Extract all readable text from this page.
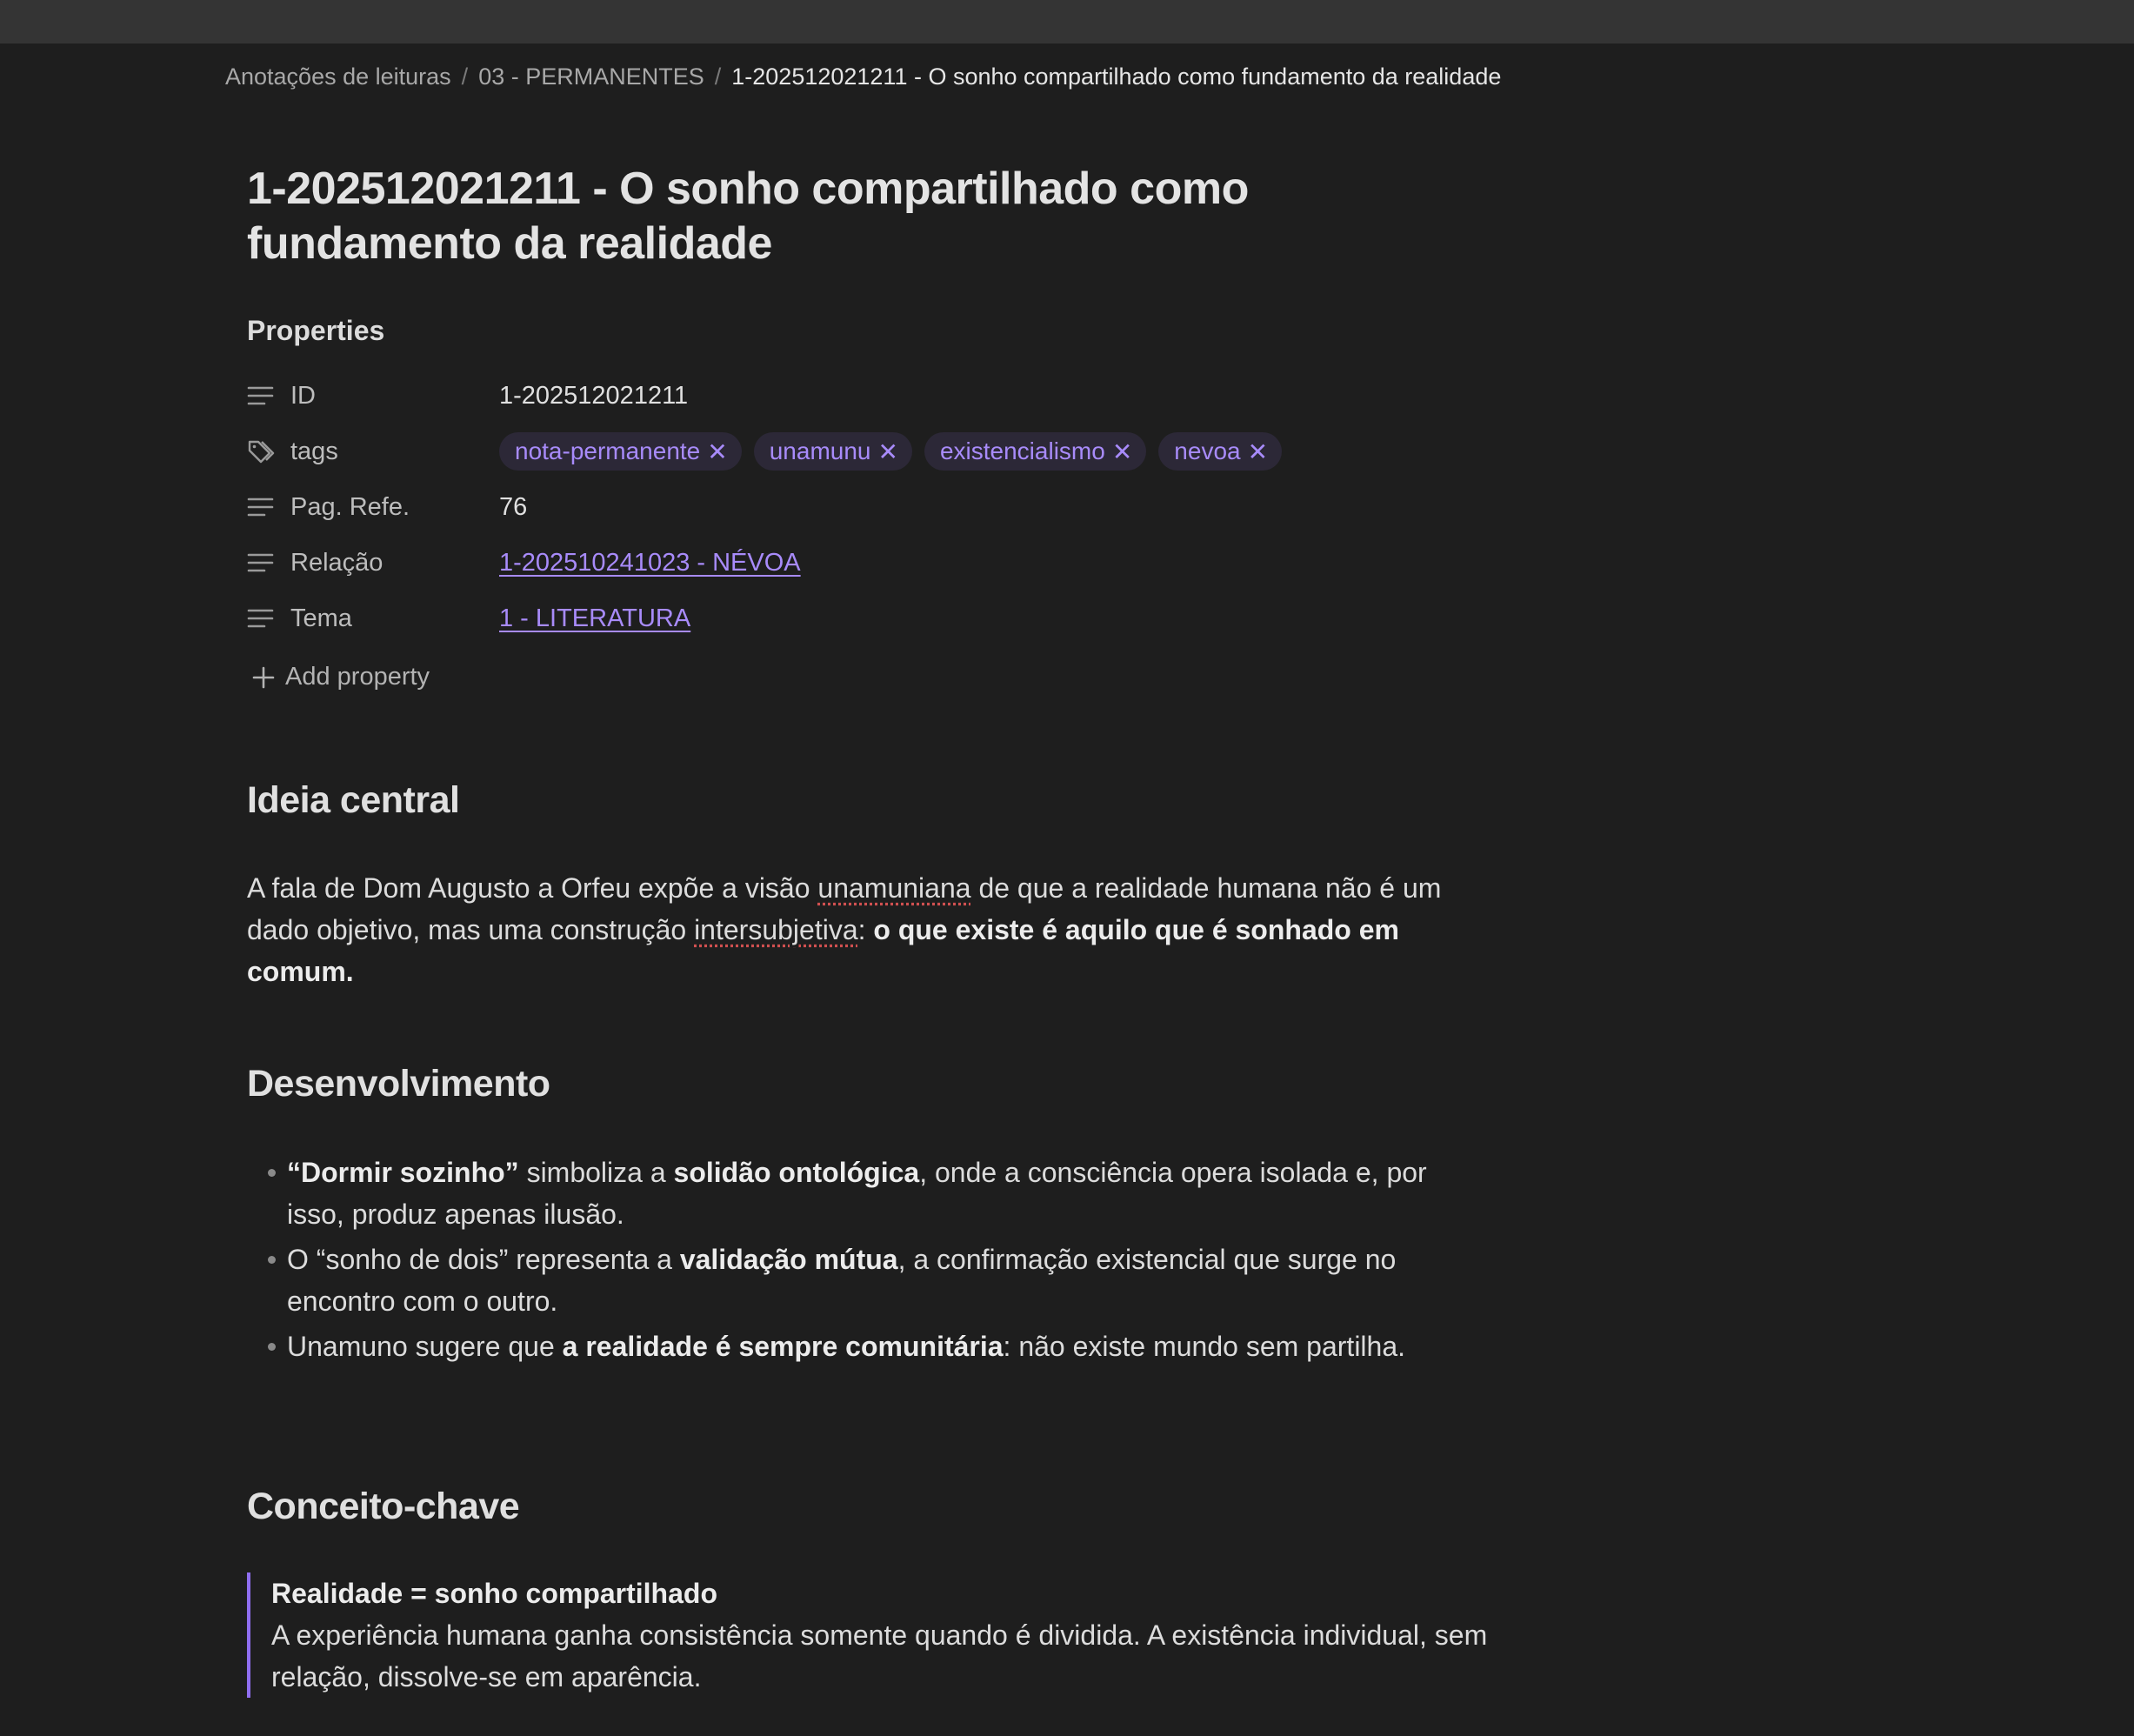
Anotações de leituras / 03 - PERMANENTES / 1-202512021211 - O sonho compartilhado como fundamento da realidade
1-202512021211 - O sonho compartilhado como fundamento da realidade
Properties
ID	1-202512021211
tags	nota-permanente ✕ unamunu ✕ existencialismo ✕ nevoa ✕
Pag. Refe.	76
Relação	1-202510241023 - NÉVOA
Tema	1 - LITERATURA
Add property
Ideia central

A fala de Dom Augusto a Orfeu expõe a visão unamuniana de que a realidade humana não é um dado objetivo, mas uma construção intersubjetiva: o que existe é aquilo que é sonhado em comum.

Desenvolvimento
“Dormir sozinho” simboliza a solidão ontológica, onde a consciência opera isolada e, por isso, produz apenas ilusão.
O “sonho de dois” representa a validação mútua, a confirmação existencial que surge no encontro com o outro.
Unamuno sugere que a realidade é sempre comunitária: não existe mundo sem partilha.
Conceito-chave
Realidade = sonho compartilhado
A experiência humana ganha consistência somente quando é dividida. A existência individual, sem relação, dissolve-se em aparência.
